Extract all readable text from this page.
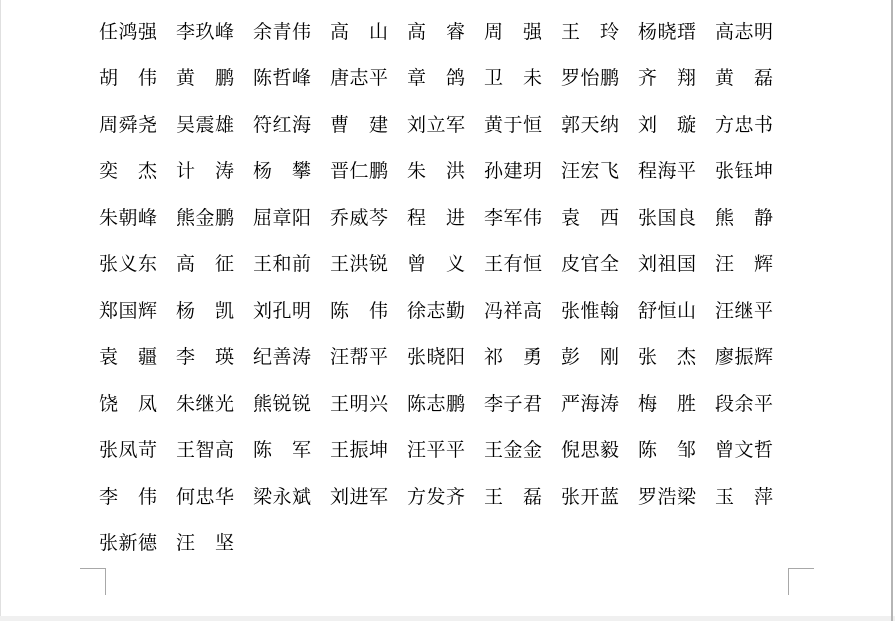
任鸿强 李玖峰 余青伟 高山 高睿 周强 王玲 杨晓瑨 高志明
胡伟 黄鹏 陈哲峰 唐志平 章鸽 卫未 罗怡鹏 齐翔 黄磊
周舜尧 吴震雄 符红海 曹建 刘立军 黄于恒 郭天纳 刘璇 方忠书
奕杰 计涛 杨攀 晋仁鹏 朱洪 孙建玥 汪宏飞 程海平 张钰坤
朱朝峰 熊金鹏 屈章阳 乔威芩 程进 李军伟 袁西 张国良 熊静
张义东 高征 王和前 王洪锐 曾义 王有恒 皮官全 刘祖国 汪辉
郑国辉 杨凯 刘孔明 陈伟 徐志勤 冯祥高 张惟翰 舒恒山 汪继平
袁疆 李瑛 纪善涛 汪帮平 张晓阳 祁勇 彭刚 张杰 廖振辉
饶凤 朱继光 熊锐锐 王明兴 陈志鹏 李子君 严海涛 梅胜 段余平
张凤苛 王智高 陈军 王振坤 汪平平 王金金 倪思毅 陈邹 曾文哲
李伟 何忠华 梁永斌 刘进军 方发齐 王磊 张开蓝 罗浩梁 玉萍
张新德 汪坚
